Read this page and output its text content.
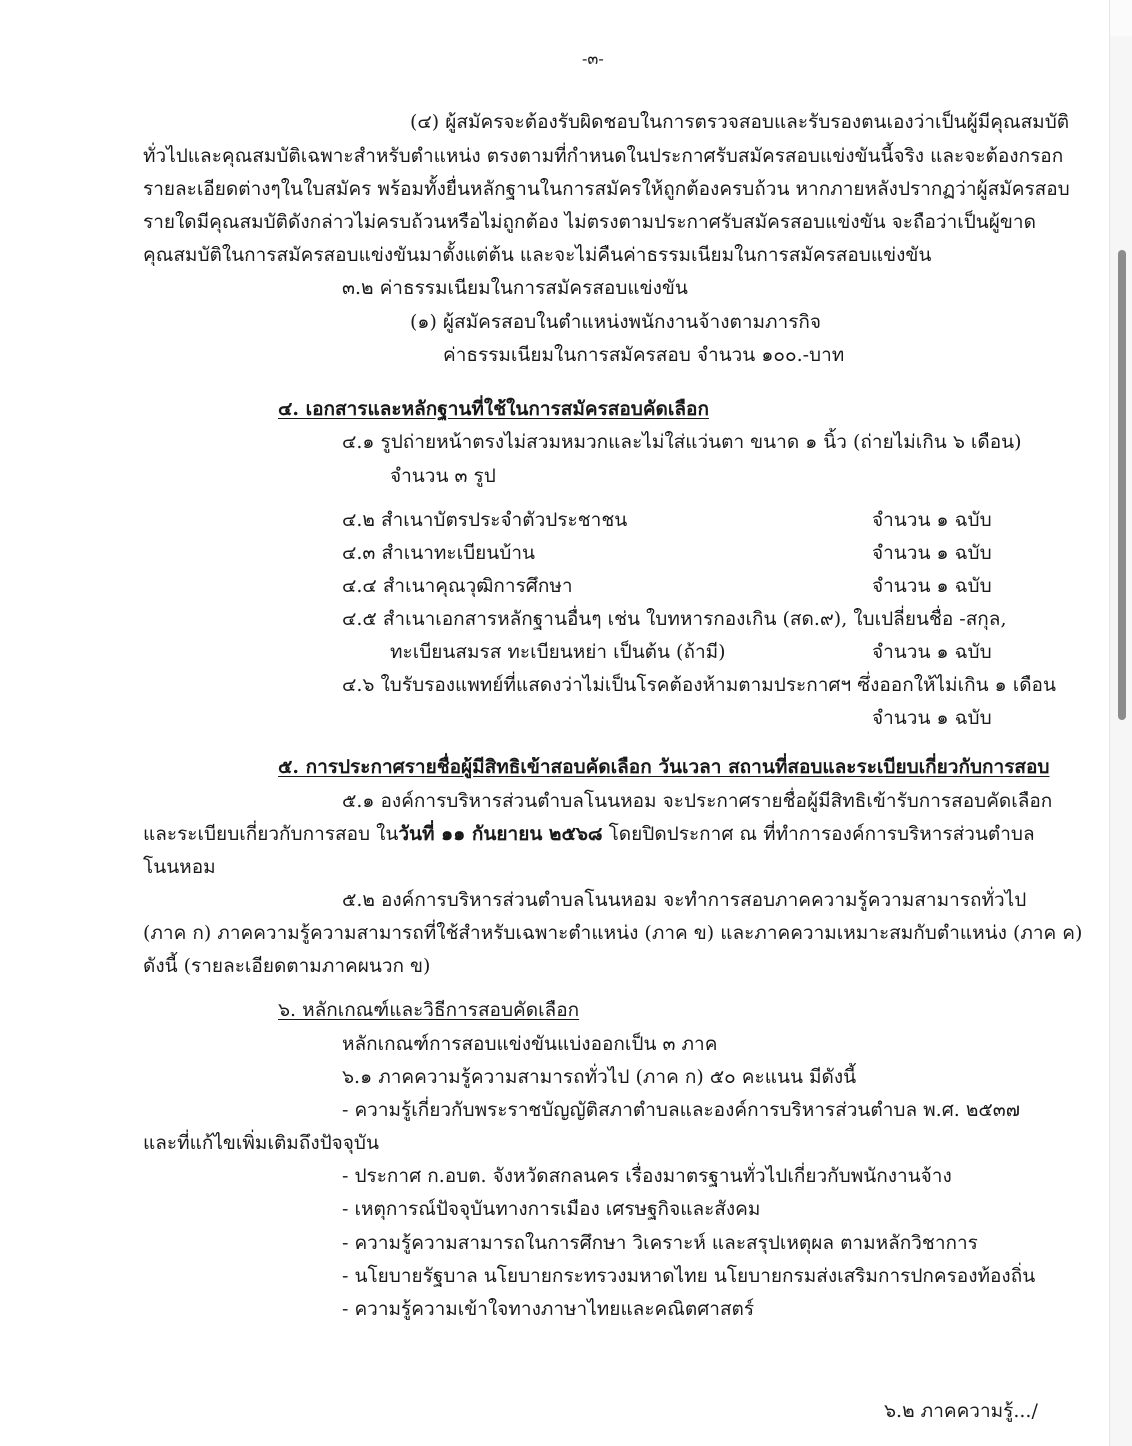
-๓-
(๔) ผู้สมัครจะต้องรับผิดชอบในการตรวจสอบและรับรองตนเองว่าเป็นผู้มีคุณสมบัติ
ทั่วไปและคุณสมบัติเฉพาะสำหรับตำแหน่ง ตรงตามที่กำหนดในประกาศรับสมัครสอบแข่งขันนี้จริง และจะต้องกรอก
รายละเอียดต่างๆในใบสมัคร พร้อมทั้งยื่นหลักฐานในการสมัครให้ถูกต้องครบถ้วน หากภายหลังปรากฏว่าผู้สมัครสอบ
รายใดมีคุณสมบัติดังกล่าวไม่ครบถ้วนหรือไม่ถูกต้อง ไม่ตรงตามประกาศรับสมัครสอบแข่งขัน จะถือว่าเป็นผู้ขาด
คุณสมบัติในการสมัครสอบแข่งขันมาตั้งแต่ต้น และจะไม่คืนค่าธรรมเนียมในการสมัครสอบแข่งขัน
๓.๒ ค่าธรรมเนียมในการสมัครสอบแข่งขัน
(๑) ผู้สมัครสอบในตำแหน่งพนักงานจ้างตามภารกิจ
ค่าธรรมเนียมในการสมัครสอบ จำนวน ๑๐๐.-บาท
๔. เอกสารและหลักฐานที่ใช้ในการสมัครสอบคัดเลือก
๔.๑ รูปถ่ายหน้าตรงไม่สวมหมวกและไม่ใส่แว่นตา ขนาด ๑ นิ้ว (ถ่ายไม่เกิน ๖ เดือน)
จำนวน ๓ รูป
๔.๒ สำเนาบัตรประจำตัวประชาชน	จำนวน ๑ ฉบับ
๔.๓ สำเนาทะเบียนบ้าน	จำนวน ๑ ฉบับ
๔.๔ สำเนาคุณวุฒิการศึกษา	จำนวน ๑ ฉบับ
๔.๕ สำเนาเอกสารหลักฐานอื่นๆ เช่น ใบทหารกองเกิน (สด.๙), ใบเปลี่ยนชื่อ -สกุล,
ทะเบียนสมรส ทะเบียนหย่า เป็นต้น (ถ้ามี)	จำนวน ๑ ฉบับ
๔.๖ ใบรับรองแพทย์ที่แสดงว่าไม่เป็นโรคต้องห้ามตามประกาศฯ ซึ่งออกให้ไม่เกิน ๑ เดือน
จำนวน ๑ ฉบับ
๕. การประกาศรายชื่อผู้มีสิทธิเข้าสอบคัดเลือก วันเวลา สถานที่สอบและระเบียบเกี่ยวกับการสอบ
๕.๑ องค์การบริหารส่วนตำบลโนนหอม จะประกาศรายชื่อผู้มีสิทธิเข้ารับการสอบคัดเลือก
และระเบียบเกี่ยวกับการสอบ ในวันที่ ๑๑ กันยายน ๒๕๖๘ โดยปิดประกาศ ณ ที่ทำการองค์การบริหารส่วนตำบล
โนนหอม
๕.๒ องค์การบริหารส่วนตำบลโนนหอม จะทำการสอบภาคความรู้ความสามารถทั่วไป
(ภาค ก) ภาคความรู้ความสามารถที่ใช้สำหรับเฉพาะตำแหน่ง (ภาค ข) และภาคความเหมาะสมกับตำแหน่ง (ภาค ค)
ดังนี้ (รายละเอียดตามภาคผนวก ข)
๖. หลักเกณฑ์และวิธีการสอบคัดเลือก
หลักเกณฑ์การสอบแข่งขันแบ่งออกเป็น ๓ ภาค
๖.๑ ภาคความรู้ความสามารถทั่วไป (ภาค ก) ๕๐ คะแนน มีดังนี้
- ความรู้เกี่ยวกับพระราชบัญญัติสภาตำบลและองค์การบริหารส่วนตำบล พ.ศ. ๒๕๓๗
และที่แก้ไขเพิ่มเติมถึงปัจจุบัน
- ประกาศ ก.อบต. จังหวัดสกลนคร เรื่องมาตรฐานทั่วไปเกี่ยวกับพนักงานจ้าง
- เหตุการณ์ปัจจุบันทางการเมือง เศรษฐกิจและสังคม
- ความรู้ความสามารถในการศึกษา วิเคราะห์ และสรุปเหตุผล ตามหลักวิชาการ
- นโยบายรัฐบาล นโยบายกระทรวงมหาดไทย นโยบายกรมส่งเสริมการปกครองท้องถิ่น
- ความรู้ความเข้าใจทางภาษาไทยและคณิตศาสตร์
๖.๒ ภาคความรู้.../
